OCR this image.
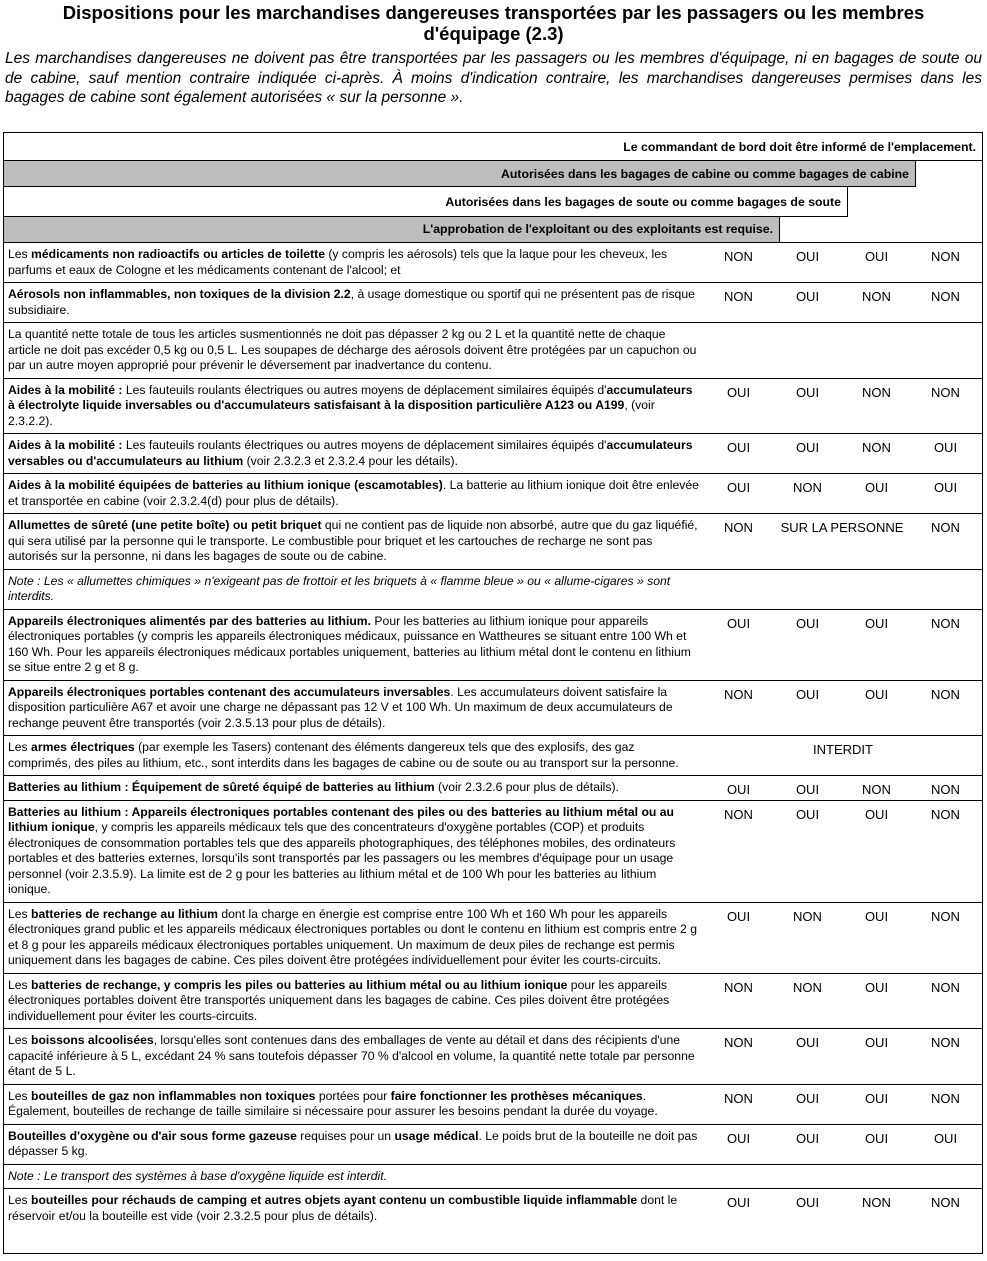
Dispositions pour les marchandises dangereuses transportées par les passagers ou les membres d'équipage (2.3)
Les marchandises dangereuses ne doivent pas être transportées par les passagers ou les membres d'équipage, ni en bagages de soute ou de cabine, sauf mention contraire indiquée ci-après. À moins d'indication contraire, les marchandises dangereuses permises dans les bagages de cabine sont également autorisées « sur la personne ».
Le commandant de bord doit être informé de l'emplacement.
Autorisées dans les bagages de cabine ou comme bagages de cabine
Autorisées dans les bagages de soute ou comme bagages de soute
L'approbation de l'exploitant ou des exploitants est requise.
Les médicaments non radioactifs ou articles de toilette (y compris les aérosols) tels que la laque pour les cheveux, les parfums et eaux de Cologne et les médicaments contenant de l'alcool; et
NON	OUI	OUI	NON
Aérosols non inflammables, non toxiques de la division 2.2, à usage domestique ou sportif qui ne présentent pas de risque subsidiaire.
NON	OUI	NON	NON
La quantité nette totale de tous les articles susmentionnés ne doit pas dépasser 2 kg ou 2 L et la quantité nette de chaque article ne doit pas excéder 0,5 kg ou 0,5 L. Les soupapes de décharge des aérosols doivent être protégées par un capuchon ou par un autre moyen approprié pour prévenir le déversement par inadvertance du contenu.
Aides à la mobilité : Les fauteuils roulants électriques ou autres moyens de déplacement similaires équipés d'accumulateurs à électrolyte liquide inversables ou d'accumulateurs satisfaisant à la disposition particulière A123 ou A199, (voir 2.3.2.2).
OUI	OUI	NON	NON
Aides à la mobilité : Les fauteuils roulants électriques ou autres moyens de déplacement similaires équipés d'accumulateurs versables ou d'accumulateurs au lithium (voir 2.3.2.3 et 2.3.2.4 pour les détails).
OUI	OUI	NON	OUI
Aides à la mobilité équipées de batteries au lithium ionique (escamotables). La batterie au lithium ionique doit être enlevée et transportée en cabine (voir 2.3.2.4(d) pour plus de détails).
OUI	NON	OUI	OUI
Allumettes de sûreté (une petite boîte) ou petit briquet qui ne contient pas de liquide non absorbé, autre que du gaz liquéfié, qui sera utilisé par la personne qui le transporte. Le combustible pour briquet et les cartouches de recharge ne sont pas autorisés sur la personne, ni dans les bagages de soute ou de cabine.
NON	SUR LA PERSONNE	NON
Note : Les « allumettes chimiques » n'exigeant pas de frottoir et les briquets à « flamme bleue » ou « allume-cigares » sont interdits.
Appareils électroniques alimentés par des batteries au lithium. Pour les batteries au lithium ionique pour appareils électroniques portables (y compris les appareils électroniques médicaux, puissance en Wattheures se situant entre 100 Wh et 160 Wh. Pour les appareils électroniques médicaux portables uniquement, batteries au lithium métal dont le contenu en lithium se situe entre 2 g et 8 g.
OUI	OUI	OUI	NON
Appareils électroniques portables contenant des accumulateurs inversables. Les accumulateurs doivent satisfaire la disposition particulière A67 et avoir une charge ne dépassant pas 12 V et 100 Wh. Un maximum de deux accumulateurs de rechange peuvent être transportés (voir 2.3.5.13 pour plus de détails).
NON	OUI	OUI	NON
Les armes électriques (par exemple les Tasers) contenant des éléments dangereux tels que des explosifs, des gaz comprimés, des piles au lithium, etc., sont interdits dans les bagages de cabine ou de soute ou au transport sur la personne.
INTERDIT
Batteries au lithium : Équipement de sûreté équipé de batteries au lithium (voir 2.3.2.6 pour plus de détails).	OUI	OUI	NON	NON
Batteries au lithium : Appareils électroniques portables contenant des piles ou des batteries au lithium métal ou au lithium ionique, y compris les appareils médicaux tels que des concentrateurs d'oxygène portables (COP) et produits électroniques de consommation portables tels que des appareils photographiques, des téléphones mobiles, des ordinateurs portables et des batteries externes, lorsqu'ils sont transportés par les passagers ou les membres d'équipage pour un usage personnel (voir 2.3.5.9). La limite est de 2 g pour les batteries au lithium métal et de 100 Wh pour les batteries au lithium ionique.
NON	OUI	OUI	NON
Les batteries de rechange au lithium dont la charge en énergie est comprise entre 100 Wh et 160 Wh pour les appareils électroniques grand public et les appareils médicaux électroniques portables ou dont le contenu en lithium est compris entre 2 g et 8 g pour les appareils médicaux électroniques portables uniquement. Un maximum de deux piles de rechange est permis uniquement dans les bagages de cabine. Ces piles doivent être protégées individuellement pour éviter les courts-circuits.
OUI	NON	OUI	NON
Les batteries de rechange, y compris les piles ou batteries au lithium métal ou au lithium ionique pour les appareils électroniques portables doivent être transportés uniquement dans les bagages de cabine. Ces piles doivent être protégées individuellement pour éviter les courts-circuits.
NON	NON	OUI	NON
Les boissons alcoolisées, lorsqu'elles sont contenues dans des emballages de vente au détail et dans des récipients d'une capacité inférieure à 5 L, excédant 24 % sans toutefois dépasser 70 % d'alcool en volume, la quantité nette totale par personne étant de 5 L.
NON	OUI	OUI	NON
Les bouteilles de gaz non inflammables non toxiques portées pour faire fonctionner les prothèses mécaniques. Également, bouteilles de rechange de taille similaire si nécessaire pour assurer les besoins pendant la durée du voyage.
NON	OUI	OUI	NON
Bouteilles d'oxygène ou d'air sous forme gazeuse requises pour un usage médical. Le poids brut de la bouteille ne doit pas dépasser 5 kg.
OUI	OUI	OUI	OUI
Note : Le transport des systèmes à base d'oxygène liquide est interdit.
Les bouteilles pour réchauds de camping et autres objets ayant contenu un combustible liquide inflammable dont le réservoir et/ou la bouteille est vide (voir 2.3.2.5 pour plus de détails).
OUI	OUI	NON	NON
